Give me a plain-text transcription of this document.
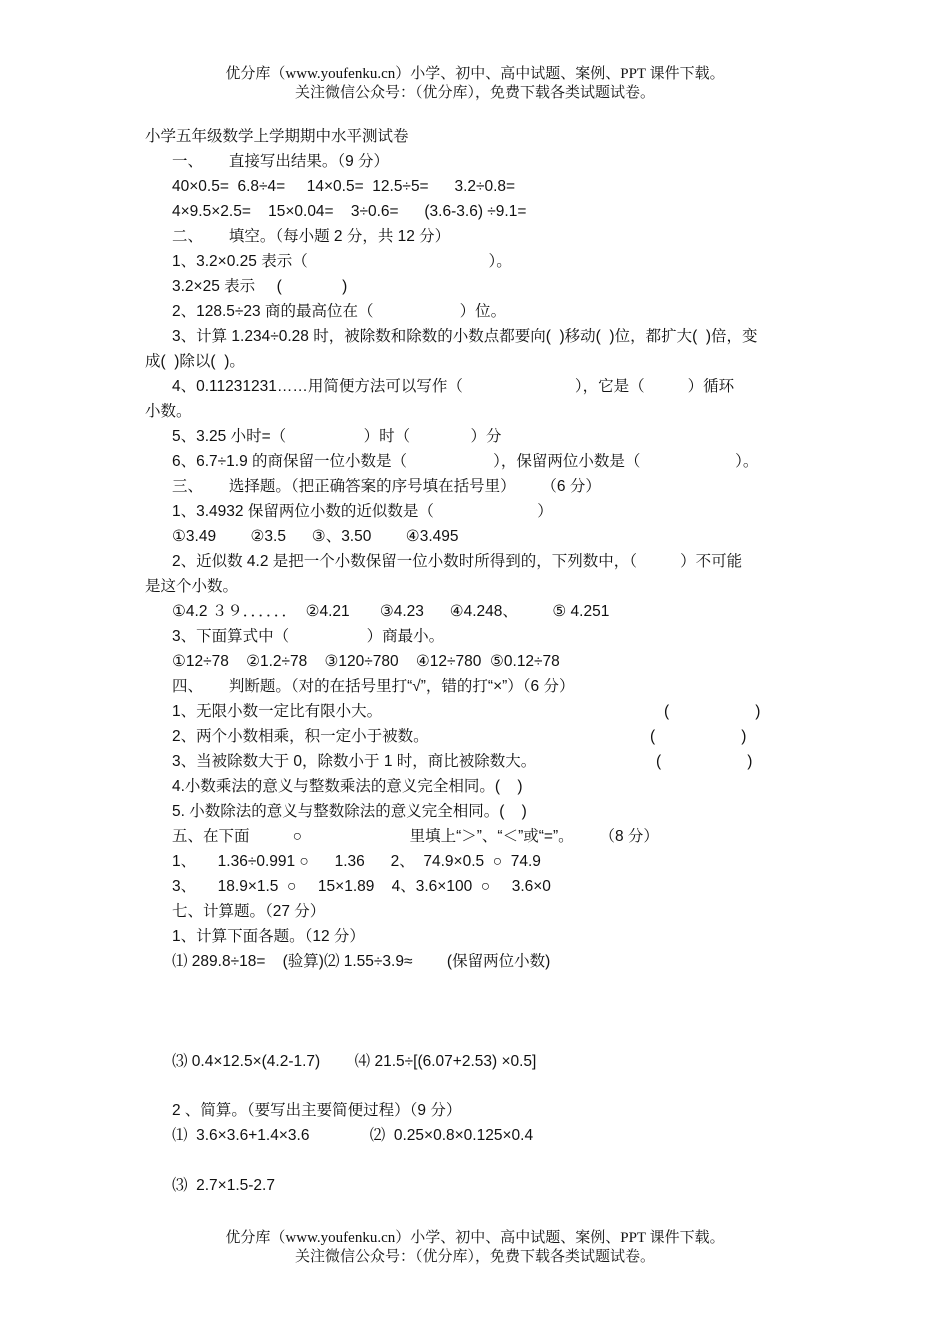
优分库（www.youfenku.cn）小学、初中、高中试题、案例、PPT 课件下载。
关注微信公众号：（优分库），免费下载各类试题试卷。
小学五年级数学上学期期中水平测试卷
一、      直接写出结果。（9 分）
40×0.5=  6.8÷4=     14×0.5=  12.5÷5=      3.2÷0.8=
4×9.5×2.5=    15×0.04=    3÷0.6=      (3.6-3.6) ÷9.1=
二、      填空。（每小题 2 分，共 12 分）
1、3.2×0.25 表示（                                          ）。
3.2×25 表示     (              )
2、128.5÷23 商的最高位在（                    ）位。
3、计算 1.234÷0.28 时，被除数和除数的小数点都要向(  )移动(  )位，都扩大(  )倍，变
成(  )除以(  )。
4、0.11231231……用简便方法可以写作（                          ），它是（          ）循环
小数。
5、3.25 小时=（                  ）时（              ）分
6、6.7÷1.9 的商保留一位小数是（                    ），保留两位小数是（                      ）。
三、      选择题。（把正确答案的序号填在括号里）      （6 分）
1、3.4932 保留两位小数的近似数是（                        ）
①3.49        ②3.5      ③、3.50        ④3.495
2、近似数 4.2 是把一个小数保留一位小数时所得到的，下列数中，（          ）不可能
是这个小数。
①4.2 ３９．．．．．．  ②4.21       ③4.23      ④4.248、        ⑤ 4.251
3、下面算式中（                  ）商最小。
①12÷78    ②1.2÷78    ③120÷780    ④12÷780  ⑤0.12÷78
四、      判断题。（对的在括号里打“√”，错的打“×”）（6 分）
1、无限小数一定比有限小大。	(                    )
2、两个小数相乘，积一定小于被数。	(                    )
3、当被除数大于 0，除数小于 1 时，商比被除数大。	(                    )
4.小数乘法的意义与整数乘法的意义完全相同。(    )
5. 小数除法的意义与整数除法的意义完全相同。(    )
五、在下面          ○                         里填上“＞”、“＜”或“=”。      （8 分）
1、     1.36÷0.991 ○      1.36      2、  74.9×0.5  ○  74.9
3、     18.9×1.5  ○     15×1.89    4、3.6×100  ○     3.6×0
七、计算题。（27 分）
1、计算下面各题。（12 分）
⑴ 289.8÷18=    (验算)⑵ 1.55÷3.9≈        (保留两位小数)
⑶ 0.4×12.5×(4.2-1.7)        ⑷ 21.5÷[(6.07+2.53) ×0.5]
2 、简算。（要写出主要简便过程）（9 分）
⑴  3.6×3.6+1.4×3.6              ⑵  0.25×0.8×0.125×0.4
⑶  2.7×1.5-2.7
优分库（www.youfenku.cn）小学、初中、高中试题、案例、PPT 课件下载。
关注微信公众号：（优分库），免费下载各类试题试卷。
